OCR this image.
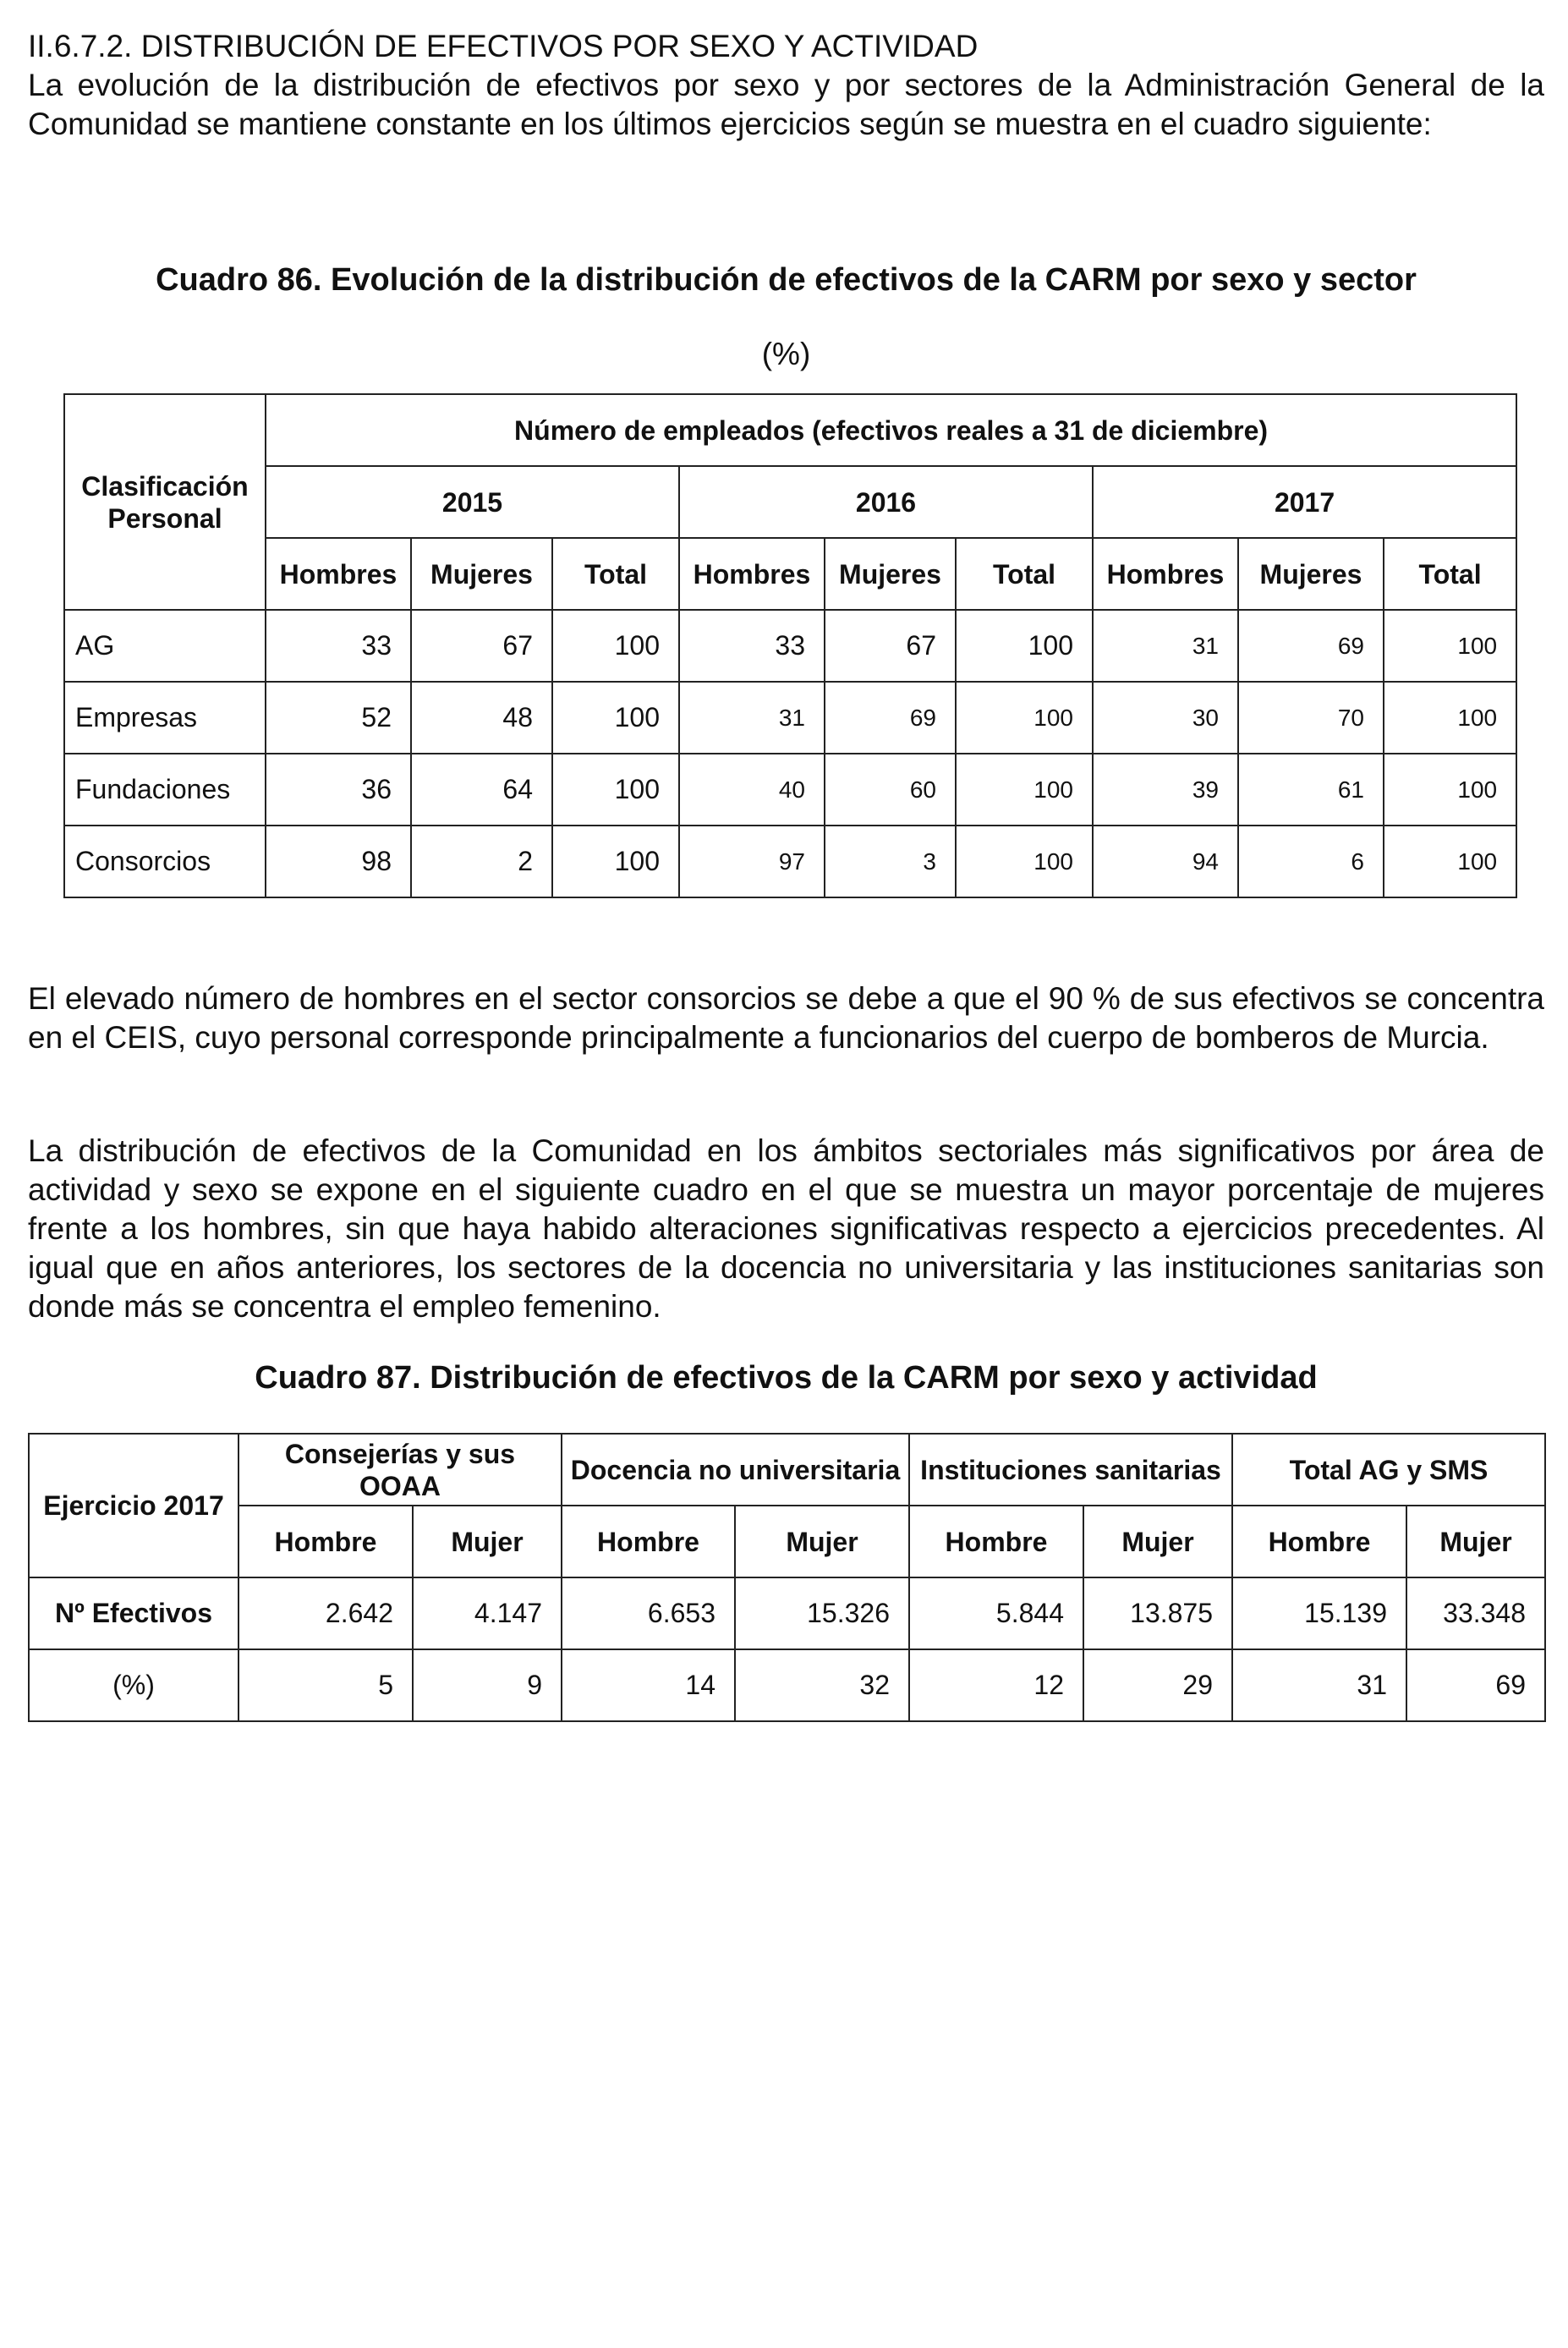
II.6.7.2. DISTRIBUCIÓN DE EFECTIVOS POR SEXO Y ACTIVIDAD

La evolución de la distribución de efectivos por sexo y por sectores de la Administración General de la Comunidad se mantiene constante en los últimos ejercicios según se muestra en el cuadro siguiente:

Cuadro 86. Evolución de la distribución de efectivos de la CARM por sexo y sector

(%)

Clasificación Personal	Número de empleados (efectivos reales a 31 de diciembre)								
	2015			2016			2017		
	Hombres	Mujeres	Total	Hombres	Mujeres	Total	Hombres	Mujeres	Total
AG	33	67	100	33	67	100	31	69	100
Empresas	52	48	100	31	69	100	30	70	100
Fundaciones	36	64	100	40	60	100	39	61	100
Consorcios	98	2	100	97	3	100	94	6	100

El elevado número de hombres en el sector consorcios se debe a que el 90 % de sus efectivos se concentra en el CEIS, cuyo personal corresponde principalmente a funcionarios del cuerpo de bomberos de Murcia.

La distribución de efectivos de la Comunidad en los ámbitos sectoriales más significativos por área de actividad y sexo se expone en el siguiente cuadro en el que se muestra un mayor porcentaje de mujeres frente a los hombres, sin que haya habido alteraciones significativas respecto a ejercicios precedentes. Al igual que en años anteriores, los sectores de la docencia no universitaria y las instituciones sanitarias son donde más se concentra el empleo femenino.

Cuadro 87. Distribución de efectivos de la CARM por sexo y actividad

Ejercicio 2017	Consejerías y sus OOAA		Docencia no universitaria		Instituciones sanitarias		Total AG y SMS	
	Hombre	Mujer	Hombre	Mujer	Hombre	Mujer	Hombre	Mujer
Nº Efectivos	2.642	4.147	6.653	15.326	5.844	13.875	15.139	33.348
(%)	5	9	14	32	12	29	31	69
